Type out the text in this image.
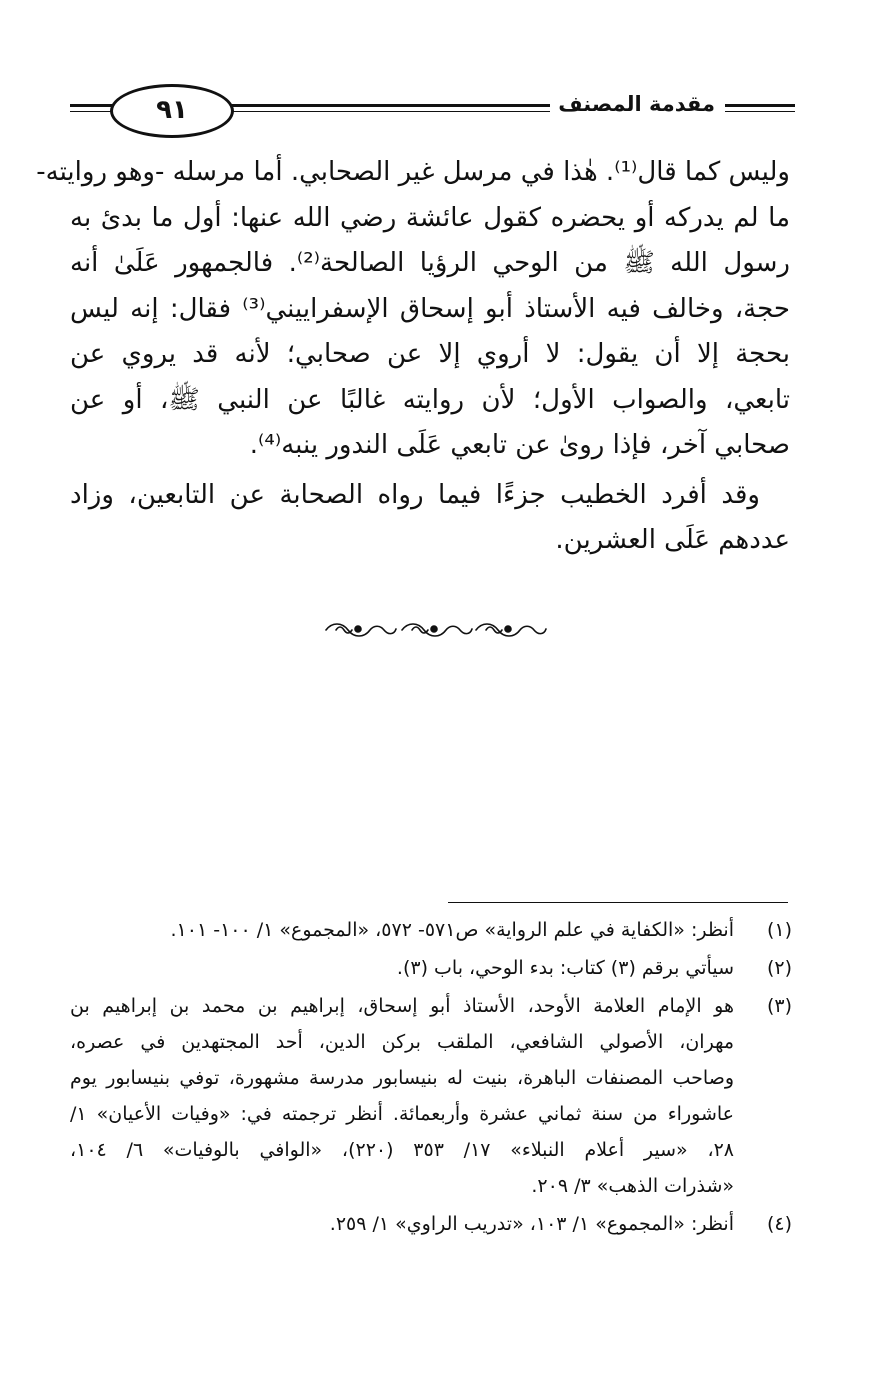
٩١	مقدمة المصنف
وليس كما قال⁽¹⁾. هٰذا في مرسل غير الصحابي. أما مرسله -وهو روايته-
ما لم يدركه أو يحضره كقول عائشة رضي الله عنها: أول ما بدئ به
رسول الله ﷺ من الوحي الرؤيا الصالحة⁽²⁾. فالجمهور عَلَىٰ أنه
حجة، وخالف فيه الأستاذ أبو إسحاق الإسفراييني⁽³⁾ فقال: إنه ليس
بحجة إلا أن يقول: لا أروي إلا عن صحابي؛ لأنه قد يروي عن
تابعي، والصواب الأول؛ لأن روايته غالبًا عن النبي ﷺ، أو عن
صحابي آخر، فإذا روىٰ عن تابعي عَلَى الندور ينبه⁽⁴⁾.
وقد أفرد الخطيب جزءًا فيما رواه الصحابة عن التابعين، وزاد
عددهم عَلَى العشرين.
(١)
أنظر: «الكفاية في علم الرواية» ص٥٧١- ٥٧٢، «المجموع» ١/ ١٠٠- ١٠١.
(٢)
سيأتي برقم (٣) كتاب: بدء الوحي، باب (٣).
(٣)
هو الإمام العلامة الأوحد، الأستاذ أبو إسحاق، إبراهيم بن محمد بن إبراهيم بن
مهران، الأصولي الشافعي، الملقب بركن الدين، أحد المجتهدين في عصره،
وصاحب المصنفات الباهرة، بنيت له بنيسابور مدرسة مشهورة، توفي بنيسابور يوم
عاشوراء من سنة ثماني عشرة وأربعمائة. أنظر ترجمته في: «وفيات الأعيان» ١/
٢٨، «سير أعلام النبلاء» ١٧/ ٣٥٣ (٢٢٠)، «الوافي بالوفيات» ٦/ ١٠٤،
«شذرات الذهب» ٣/ ٢٠٩.
(٤)
أنظر: «المجموع» ١/ ١٠٣، «تدريب الراوي» ١/ ٢٥٩.
